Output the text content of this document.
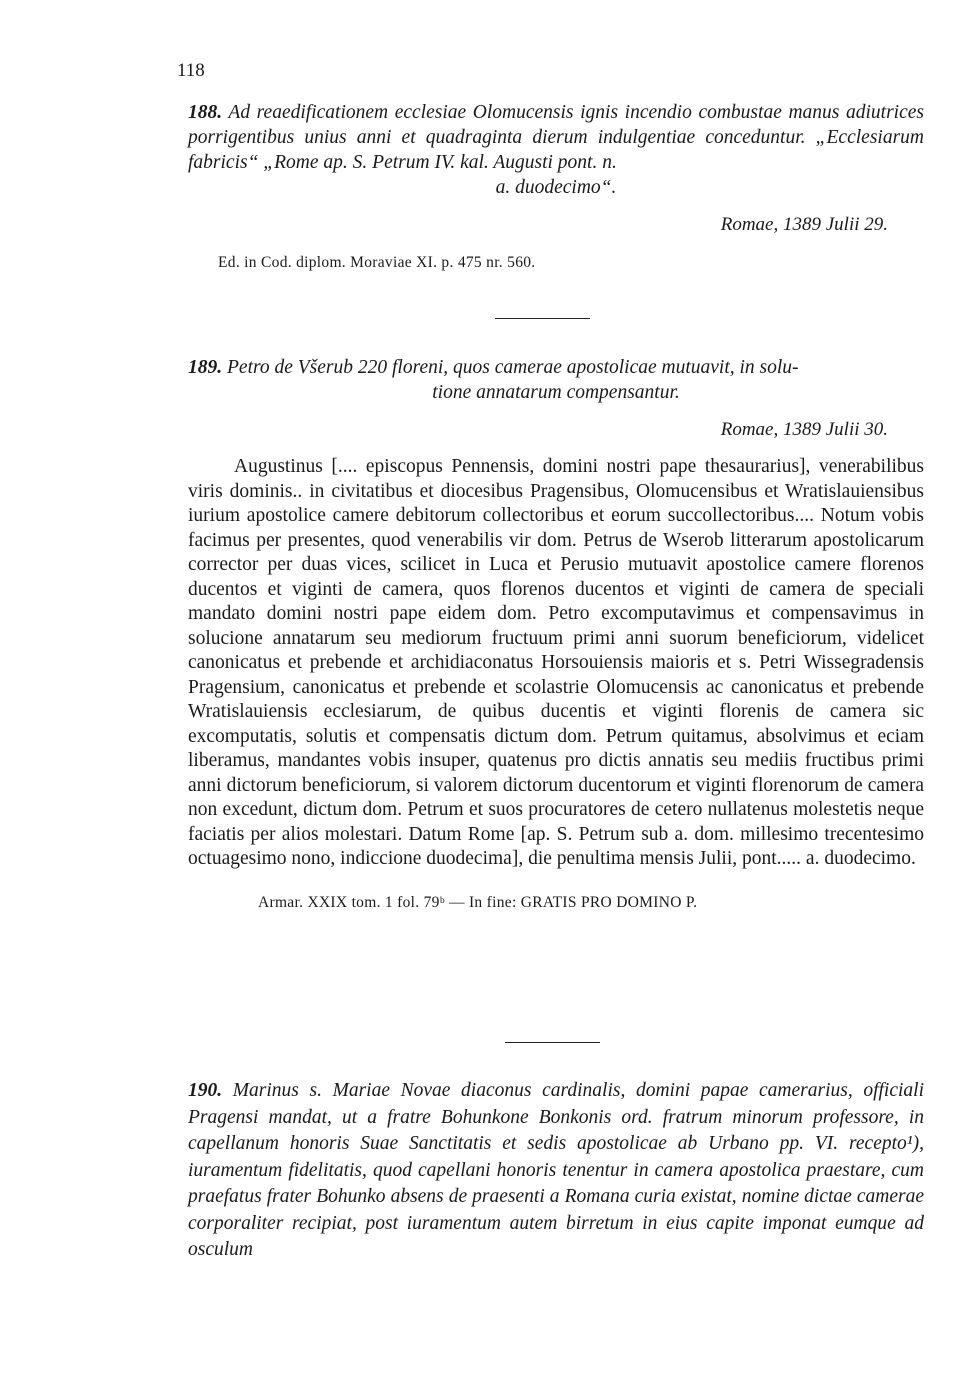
118

188. Ad reaedificationem ecclesiae Olomucensis ignis incendio combustae manus adiutrices porrigentibus unius anni et quadraginta dierum indulgentiae conceduntur. „Ecclesiarum fabricis“ „Rome ap. S. Petrum IV. kal. Augusti pont. n.

a. duodecimo“.

Romae, 1389 Julii 29.
Ed. in Cod. diplom. Moraviae XI. p. 475 nr. 560.

189. Petro de Všerub 220 floreni, quos camerae apostolicae mutuavit, in solu-

tione annatarum compensantur.

Romae, 1389 Julii 30.

Augustinus [.... episcopus Pennensis, domini nostri pape thesaurarius], venerabilibus viris dominis.. in civitatibus et diocesibus Pragensibus, Olomucensibus et Wratislauiensibus iurium apostolice camere debitorum collectoribus et eorum succollectoribus.... Notum vobis facimus per presentes, quod venerabilis vir dom. Petrus de Wserob litterarum apostolicarum corrector per duas vices, scilicet in Luca et Perusio mutuavit apostolice camere florenos ducentos et viginti de camera, quos florenos ducentos et viginti de camera de speciali mandato domini nostri pape eidem dom. Petro excomputavimus et compensavimus in solucione annatarum seu mediorum fructuum primi anni suorum beneficiorum, videlicet canonicatus et prebende et archidiaconatus Horsouiensis maioris et s. Petri Wissegradensis Pragensium, canonicatus et prebende et scolastrie Olomucensis ac canonicatus et prebende Wratislauiensis ecclesiarum, de quibus ducentis et viginti florenis de camera sic excomputatis, solutis et compensatis dictum dom. Petrum quitamus, absolvimus et eciam liberamus, mandantes vobis insuper, quatenus pro dictis annatis seu mediis fructibus primi anni dictorum beneficiorum, si valorem dictorum ducentorum et viginti florenorum de camera non excedunt, dictum dom. Petrum et suos procuratores de cetero nullatenus molestetis neque faciatis per alios molestari. Datum Rome [ap. S. Petrum sub a. dom. millesimo trecentesimo octuagesimo nono, indiccione duodecima], die penultima mensis Julii, pont..... a. duodecimo.

Armar. XXIX tom. 1 fol. 79ᵇ — In fine: GRATIS PRO DOMINO P.

190. Marinus s. Mariae Novae diaconus cardinalis, domini papae camerarius, officiali Pragensi mandat, ut a fratre Bohunkone Bonkonis ord. fratrum minorum professore, in capellanum honoris Suae Sanctitatis et sedis apostolicae ab Urbano pp. VI. recepto¹), iuramentum fidelitatis, quod capellani honoris tenentur in camera apostolica praestare, cum praefatus frater Bohunko absens de praesenti a Romana curia existat, nomine dictae camerae corporaliter recipiat, post iuramentum autem birretum in eius capite imponat eumque ad osculum
